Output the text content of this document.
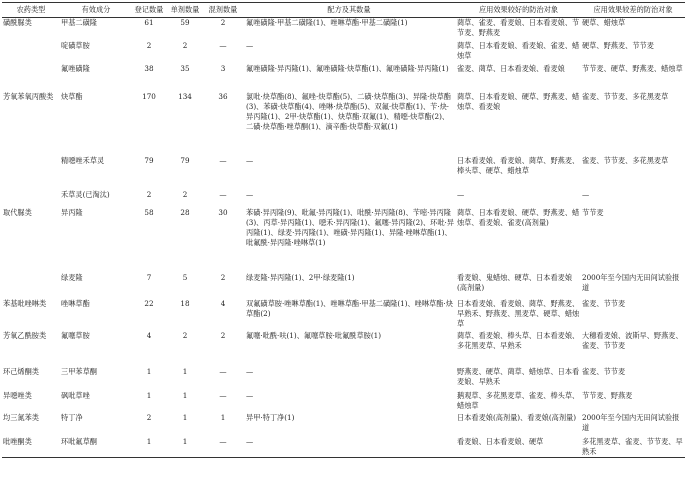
农药类型	有效成分	登记数量	单剂数量	混剂数量	配方及其数量	应用效果较好的防治对象	应用效果较差的防治对象
磺酰脲类	甲基二磺隆	61	59	2	氟唑磺隆·甲基二磺隆(1)、唑啉草酯·甲基二磺隆(1)	菵草、雀麦、看麦娘、日本看麦娘、节节麦、野燕麦	硬草、蜡烛草
	啶磺草胺	2	2	—	—	菵草、日本看麦娘、看麦娘、雀麦、蜡烛草	硬草、野燕麦、节节麦
	氟唑磺隆	38	35	3	氟唑磺隆·异丙隆(1)、氟唑磺隆·炔草酯(1)、氟唑磺隆·异丙隆(1)	雀麦、菵草、日本看麦娘、看麦娘	节节麦、硬草、野燕麦、蜡烛草
芳氧苯氧丙酸类	炔草酯	170	134	36	氯吡·炔草酯(8)、氟唑·炔草酯(5)、二磺·炔草酯(3)、异隆·炔草酯(3)、苯磺·炔草酯(4)、唑啉·炔草酯(5)、双氟·炔草酯(1)、苄·炔·异丙隆(1)、2甲·炔草酯(1)、炔草酯·双氟(1)、精噁·炔草酯(2)、二磺·炔草酯·唑草酮(1)、滴辛酯·炔草酯·双氟(1)	菵草、日本看麦娘、硬草、野燕麦、蜡烛草、看麦娘	雀麦、节节麦、多花黑麦草
	精噁唑禾草灵	79	79	—	—	日本看麦娘、看麦娘、菵草、野燕麦、棒头草、硬草、蜡烛草	雀麦、节节麦、多花黑麦草
	禾草灵(已淘汰)	2	2	—	—	—	—
取代脲类	异丙隆	58	28	30	苯磺·异丙隆(9)、吡氟·异丙隆(1)、吡酰·异丙隆(8)、苄嘧·异丙隆(3)、丙草·异丙隆(1)、噁禾·异丙隆(1)、氟噻·异丙隆(2)、环吡·异丙隆(1)、绿麦·异丙隆(1)、唑磺·异丙隆(1)、异隆·唑啉草酯(1)、吡氟酰·异丙隆·唑啉草(1)	菵草、日本看麦娘、硬草、野燕麦、蜡烛草、看麦娘、雀麦(高剂量)	节节麦
	绿麦隆	7	5	2	绿麦隆·异丙隆(1)、2甲·绿麦隆(1)	看麦娘、鬼蜡烛、硬草、日本看麦娘(高剂量)	2000年至今国内无田间试验报道
苯基吡唑啉类	唑啉草酯	22	18	4	双氟磺草胺·唑啉草酯(1)、唑啉草酯·甲基二磺隆(1)、唑啉草酯·炔草酯(2)	日本看麦娘、看麦娘、菵草、野燕麦、早熟禾、野燕麦、黑麦草、硬草、蜡烛草	雀麦、节节麦
芳氧乙酰胺类	氟噻草胺	4	2	2	氟噻·吡酰·呋(1)、氟噻草胺·吡氟酰草胺(1)	菵草、看麦娘、棒头草、日本看麦娘、多花黑麦草、早熟禾	大穗看麦娘、波斯早、野燕麦、雀麦、节节麦
环己烯酮类	三甲苯草酮	1	1	—	—	野燕麦、硬草、菵草、蜡烛草、日本看麦娘、早熟禾	雀麦、节节麦
异噁唑类	砜吡草唑	1	1	—	—	鹅观草、多花黑麦草、雀麦、棒头草、蜡烛草	节节麦、野燕麦
均三氮苯类	特丁净	2	1	1	异甲·特丁净(1)	日本看麦娘(高剂量)、看麦娘(高剂量)	2000年至今国内无田间试验报道
吡唑酮类	环吡氟草酮	1	1	—	—	看麦娘、日本看麦娘、硬草	多花黑麦草、雀麦、节节麦、早熟禾
